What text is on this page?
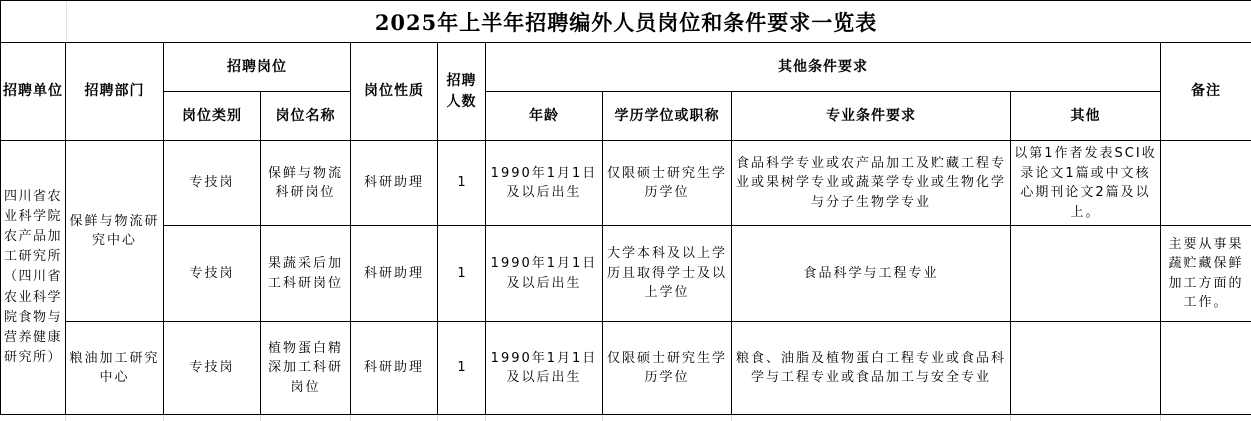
2025年上半年招聘编外人员岗位和条件要求一览表										
招聘单位	招聘部门	招聘岗位		岗位性质	招聘人数	其他条件要求				备注
		岗位类别	岗位名称			年龄	学历学位或职称	专业条件要求	其他	
四川省农业科学院农产品加工研究所（四川省农业科学院食物与营养健康研究所）	保鲜与物流研究中心	专技岗	保鲜与物流科研岗位	科研助理	1	1990年1月1日及以后出生	仅限硕士研究生学历学位	食品科学专业或农产品加工及贮藏工程专业或果树学专业或蔬菜学专业或生物化学与分子生物学专业	以第1作者发表SCI收录论文1篇或中文核心期刊论文2篇及以上。	
		专技岗	果蔬采后加工科研岗位	科研助理	1	1990年1月1日及以后出生	大学本科及以上学历且取得学士及以上学位	食品科学与工程专业		主要从事果蔬贮藏保鲜加工方面的工作。
	粮油加工研究中心	专技岗	植物蛋白精深加工科研岗位	科研助理	1	1990年1月1日及以后出生	仅限硕士研究生学历学位	粮食、油脂及植物蛋白工程专业或食品科学与工程专业或食品加工与安全专业		
